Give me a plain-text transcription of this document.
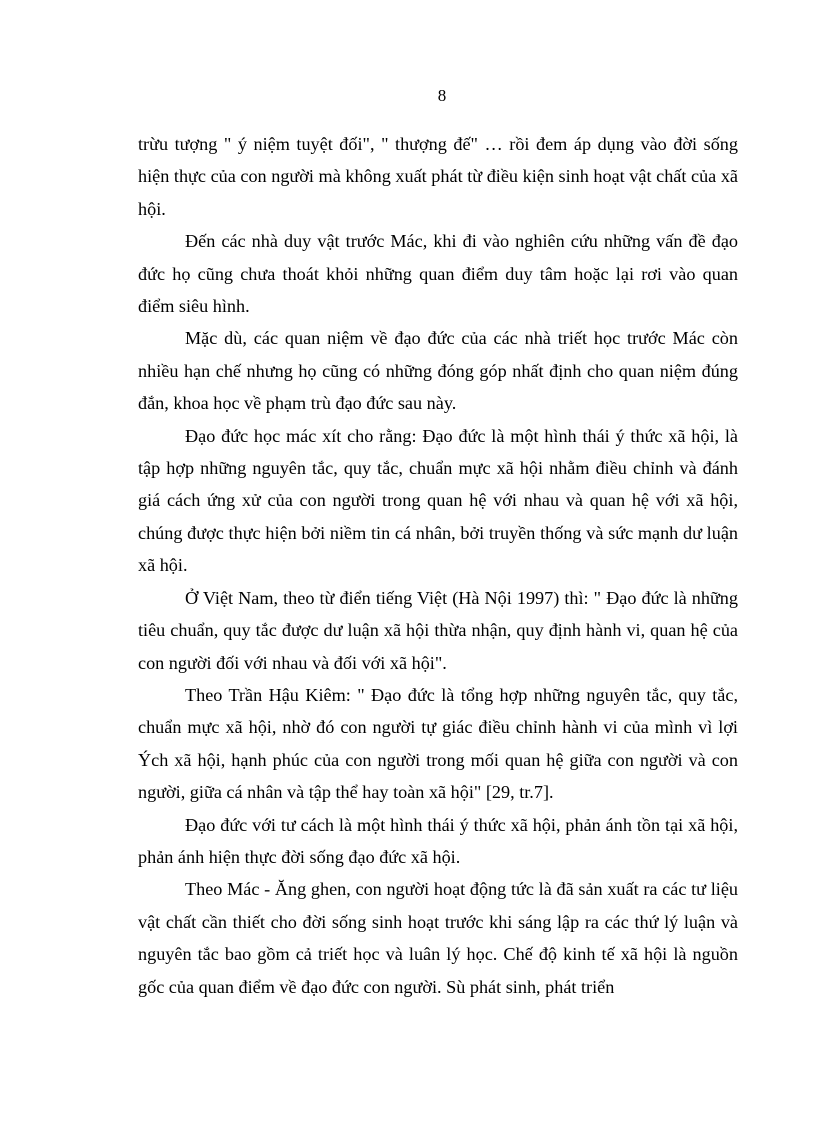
8

trừu tượng " ý niệm tuyệt đối", " thượng đế" … rồi đem áp dụng vào đời sống hiện thực của con người mà không xuất phát từ điều kiện sinh hoạt vật chất của xã hội.

Đến các nhà duy vật trước Mác, khi đi vào nghiên cứu những vấn đề đạo đức họ cũng chưa thoát khỏi những quan điểm duy tâm hoặc lại rơi vào quan điểm siêu hình.

Mặc dù, các quan niệm về đạo đức của các nhà triết học trước Mác còn nhiều hạn chế nhưng họ cũng có những đóng góp nhất định cho quan niệm đúng đắn, khoa học về phạm trù đạo đức sau này.

Đạo đức học mác xít cho rằng: Đạo đức là một hình thái ý thức xã hội, là tập hợp những nguyên tắc, quy tắc, chuẩn mực xã hội nhằm điều chỉnh và đánh giá cách ứng xử của con người trong quan hệ với nhau và quan hệ với xã hội, chúng được thực hiện bởi niềm tin cá nhân, bởi truyền thống và sức mạnh dư luận xã hội.

Ở Việt Nam, theo từ điển tiếng Việt (Hà Nội 1997) thì: " Đạo đức là những tiêu chuẩn, quy tắc được dư luận xã hội thừa nhận, quy định hành vi, quan hệ của con người đối với nhau và đối với xã hội".

Theo Trần Hậu Kiêm: " Đạo đức là tổng hợp những nguyên tắc, quy tắc, chuẩn mực xã hội, nhờ đó con người tự giác điều chỉnh hành vi của mình vì lợi Ých xã hội, hạnh phúc của con người trong mối quan hệ giữa con người và con người, giữa cá nhân và tập thể hay toàn xã hội" [29, tr.7].

Đạo đức với tư cách là một hình thái ý thức xã hội, phản ánh tồn tại xã hội, phản ánh hiện thực đời sống đạo đức xã hội.

Theo Mác - Ăng ghen, con người hoạt động tức là đã sản xuất ra các tư liệu vật chất cần thiết cho đời sống sinh hoạt trước khi sáng lập ra các thứ lý luận và nguyên tắc bao gồm cả triết học và luân lý học. Chế độ kinh tế xã hội là nguồn gốc của quan điểm về đạo đức con người. Sù phát sinh, phát triển
